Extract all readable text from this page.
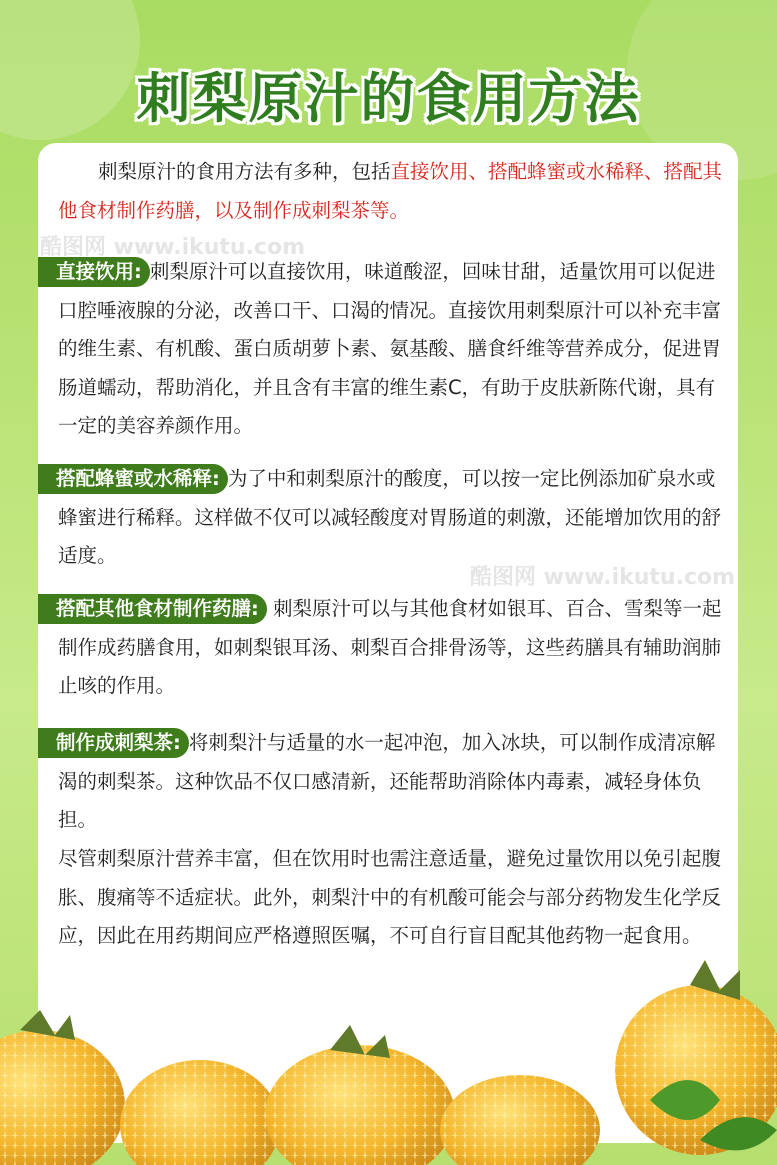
刺梨原汁的食用方法
刺梨原汁的食用方法有多种，包括直接饮用、搭配蜂蜜或水稀释、搭配其他食材制作药膳，以及制作成刺梨茶等。
直接饮用: 刺梨原汁可以直接饮用，味道酸涩，回味甘甜，适量饮用可以促进口腔唾液腺的分泌，改善口干、口渴的情况。直接饮用刺梨原汁可以补充丰富的维生素、有机酸、蛋白质胡萝卜素、氨基酸、膳食纤维等营养成分，促进胃肠道蠕动，帮助消化，并且含有丰富的维生素C，有助于皮肤新陈代谢，具有一定的美容养颜作用。
搭配蜂蜜或水稀释: 为了中和刺梨原汁的酸度，可以按一定比例添加矿泉水或蜂蜜进行稀释。这样做不仅可以减轻酸度对胃肠道的刺激，还能增加饮用的舒适度。
搭配其他食材制作药膳: 刺梨原汁可以与其他食材如银耳、百合、雪梨等一起制作成药膳食用，如刺梨银耳汤、刺梨百合排骨汤等，这些药膳具有辅助润肺止咳的作用。
制作成刺梨茶: 将刺梨汁与适量的水一起冲泡，加入冰块，可以制作成清凉解渴的刺梨茶。这种饮品不仅口感清新，还能帮助消除体内毒素，减轻身体负担。
尽管刺梨原汁营养丰富，但在饮用时也需注意适量，避免过量饮用以免引起腹胀、腹痛等不适症状。此外，刺梨汁中的有机酸可能会与部分药物发生化学反应，因此在用药期间应严格遵照医嘱，不可自行盲目配其他药物一起食用。
酷图网 www.ikutu.com
酷图网 www.ikutu.com
